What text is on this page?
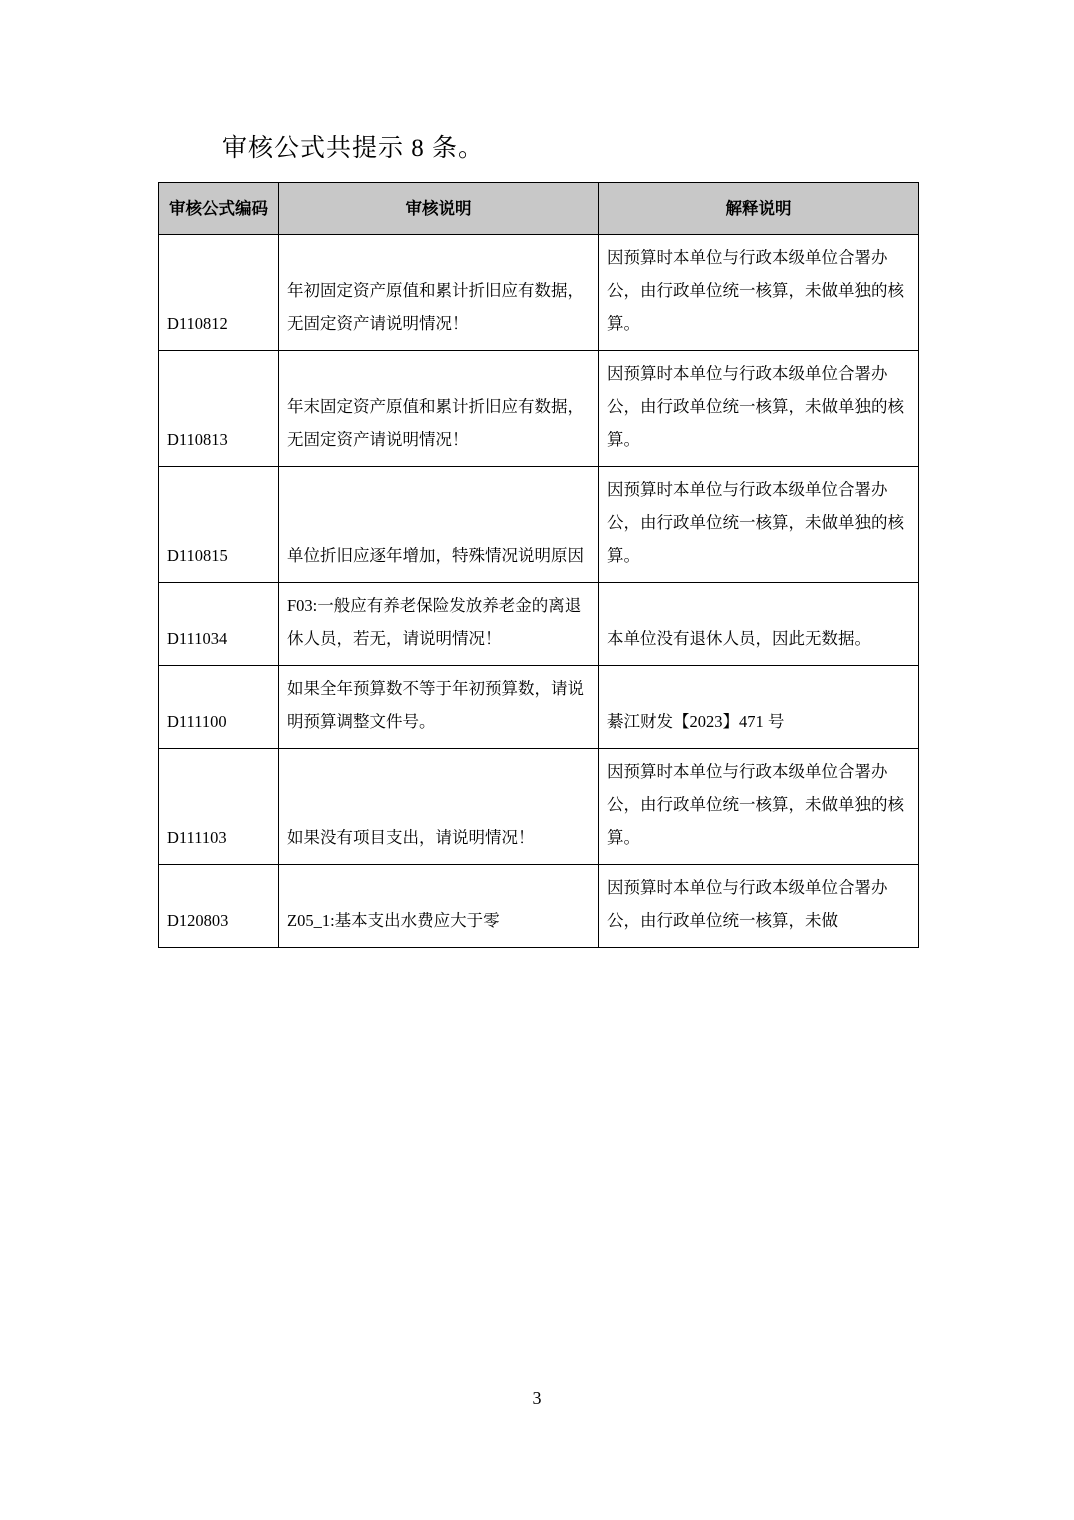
审核公式共提示 8 条。
审核公式编码	审核说明	解释说明
D110812	年初固定资产原值和累计折旧应有数据，无固定资产请说明情况！	因预算时本单位与行政本级单位合署办公，由行政单位统一核算，未做单独的核算。
D110813	年末固定资产原值和累计折旧应有数据，无固定资产请说明情况！	因预算时本单位与行政本级单位合署办公，由行政单位统一核算，未做单独的核算。
D110815	单位折旧应逐年增加，特殊情况说明原因	因预算时本单位与行政本级单位合署办公，由行政单位统一核算，未做单独的核算。
D111034	F03:一般应有养老保险发放养老金的离退休人员，若无，请说明情况！	本单位没有退休人员，因此无数据。
D111100	如果全年预算数不等于年初预算数，请说明预算调整文件号。	綦江财发【2023】471 号
D111103	如果没有项目支出，请说明情况！	因预算时本单位与行政本级单位合署办公，由行政单位统一核算，未做单独的核算。
D120803	Z05_1:基本支出水费应大于零	因预算时本单位与行政本级单位合署办公，由行政单位统一核算，未做
3
